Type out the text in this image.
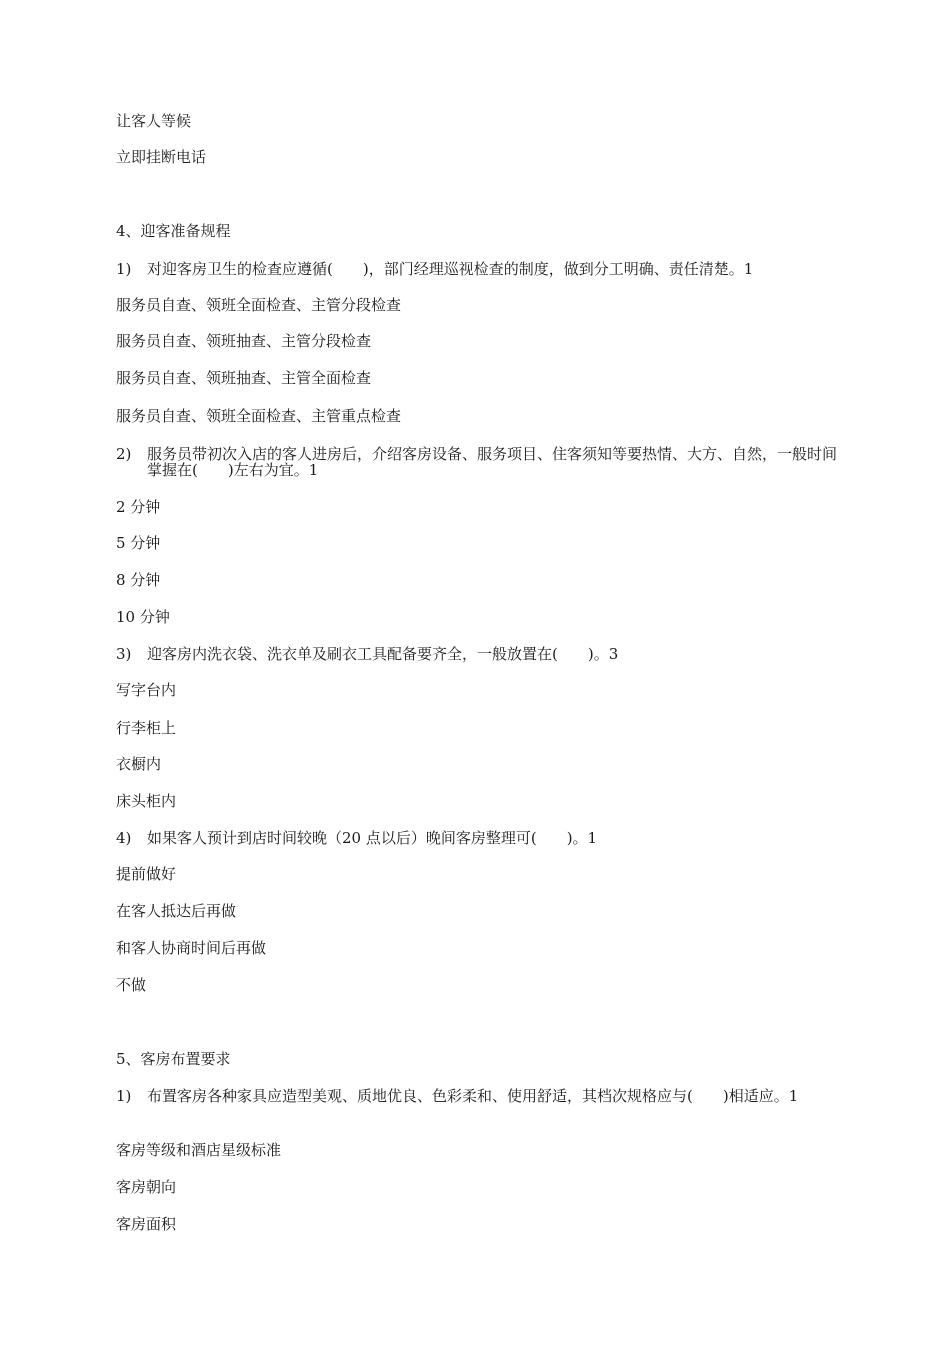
让客人等候
立即挂断电话
4、迎客准备规程
1) 对迎客房卫生的检查应遵循(　　)，部门经理巡视检查的制度，做到分工明确、责任清楚。1
服务员自查、领班全面检查、主管分段检查
服务员自查、领班抽查、主管分段检查
服务员自查、领班抽查、主管全面检查
服务员自查、领班全面检查、主管重点检查
2) 服务员带初次入店的客人进房后，介绍客房设备、服务项目、住客须知等要热情、大方、自然，一般时间掌握在(　　)左右为宜。1
2 分钟
5 分钟
8 分钟
10 分钟
3) 迎客房内洗衣袋、洗衣单及刷衣工具配备要齐全，一般放置在(　　)。3
写字台内
行李柜上
衣橱内
床头柜内
4) 如果客人预计到店时间较晚（20 点以后）晚间客房整理可(　　)。1
提前做好
在客人抵达后再做
和客人协商时间后再做
不做
5、客房布置要求
1) 布置客房各种家具应造型美观、质地优良、色彩柔和、使用舒适，其档次规格应与(　　)相适应。1
客房等级和酒店星级标准
客房朝向
客房面积
